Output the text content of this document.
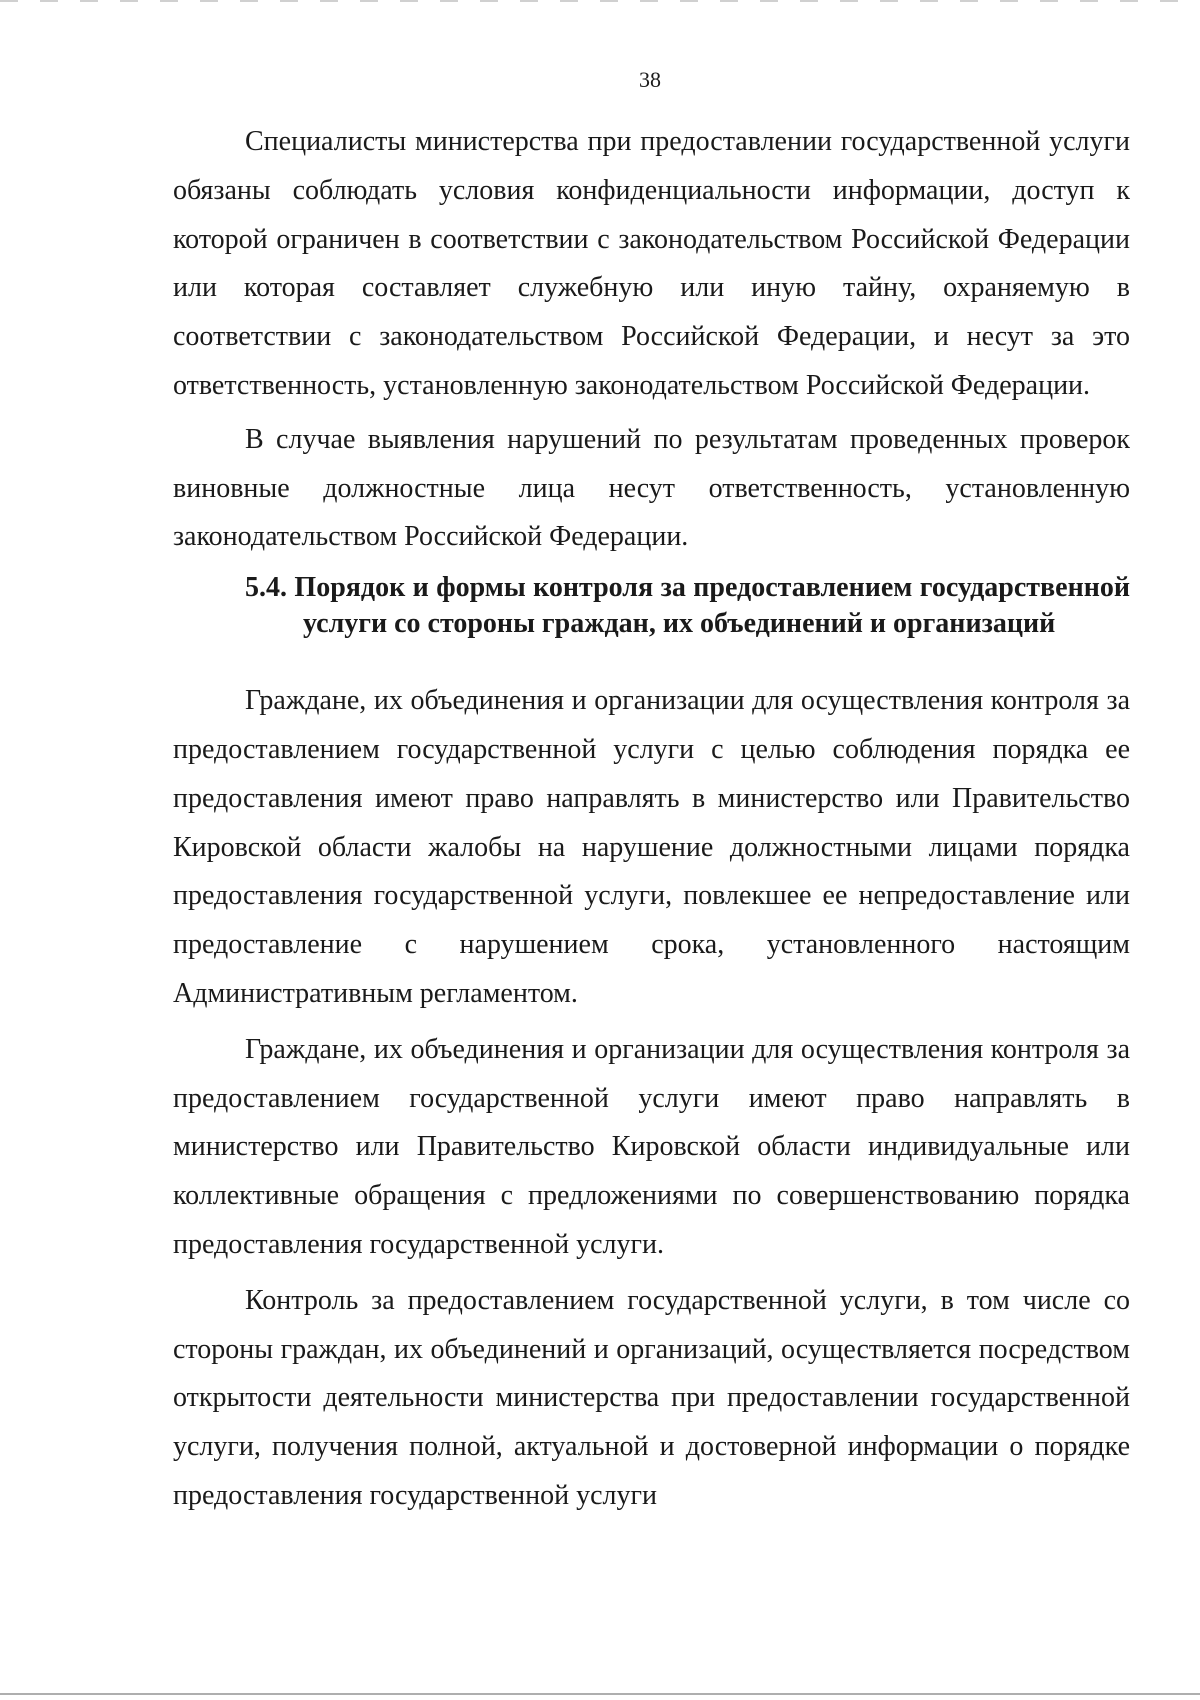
38

Специалисты министерства при предоставлении государственной услуги обязаны соблюдать условия конфиденциальности информации, доступ к которой ограничен в соответствии с законодательством Российской Федерации или которая составляет служебную или иную тайну, охраняемую в соответствии с законодательством Российской Федерации, и несут за это ответственность, установленную законодательством Российской Федерации.

В случае выявления нарушений по результатам проведенных проверок виновные должностные лица несут ответственность, установленную законодательством Российской Федерации.

5.4. Порядок и формы контроля за предоставлением государственной услуги со стороны граждан, их объединений и организаций

Граждане, их объединения и организации для осуществления контроля за предоставлением государственной услуги с целью соблюдения порядка ее предоставления имеют право направлять в министерство или Правительство Кировской области жалобы на нарушение должностными лицами порядка предоставления государственной услуги, повлекшее ее непредоставление или предоставление с нарушением срока, установленного настоящим Административным регламентом.

Граждане, их объединения и организации для осуществления контроля за предоставлением государственной услуги имеют право направлять в министерство или Правительство Кировской области индивидуальные или коллективные обращения с предложениями по совершенствованию порядка предоставления государственной услуги.

Контроль за предоставлением государственной услуги, в том числе со стороны граждан, их объединений и организаций, осуществляется посредством открытости деятельности министерства при предоставлении государственной услуги, получения полной, актуальной и достоверной информации о порядке предоставления государственной услуги
